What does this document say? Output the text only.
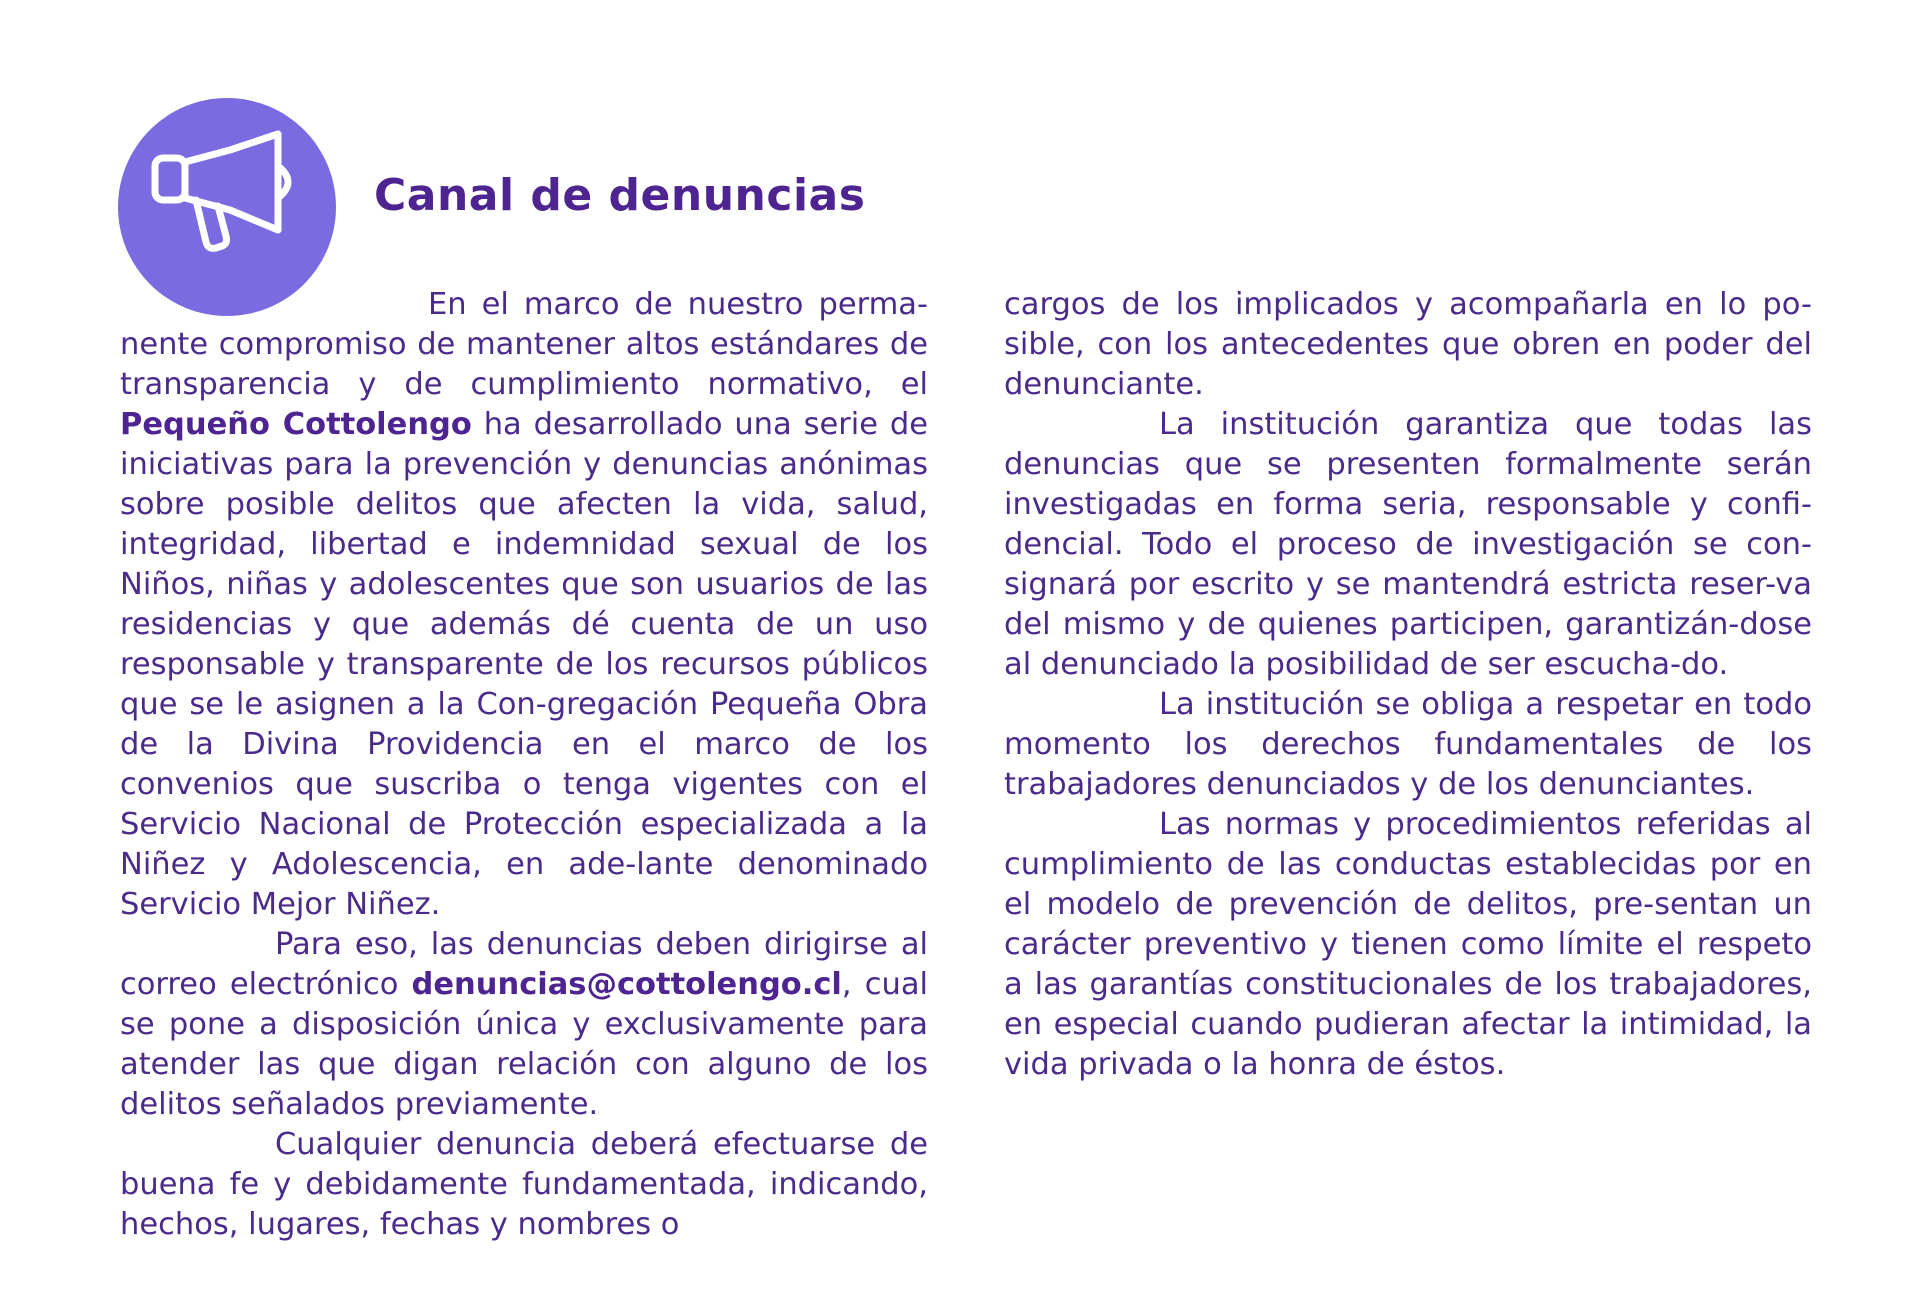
Canal de denuncias

En el marco de nuestro perma-nente compromiso de mantener altos estándares de transparencia y de cumplimiento normativo, el Pequeño Cottolengo ha desarrollado una serie de iniciativas para la prevención y denuncias anónimas sobre posible delitos que afecten la vida, salud, integridad, libertad e indemnidad sexual de los Niños, niñas y adolescentes que son usuarios de las residencias y que además dé cuenta de un uso responsable y transparente de los recursos públicos que se le asignen a la Con-gregación Pequeña Obra de la Divina Providencia en el marco de los convenios que suscriba o tenga vigentes con el Servicio Nacional de Protección especializada a la Niñez y Adolescencia, en ade-lante denominado Servicio Mejor Niñez.

Para eso, las denuncias deben dirigirse al correo electrónico denuncias@cottolengo.cl, cual se pone a disposición única y exclusivamente para atender las que digan relación con alguno de los delitos señalados previamente.

Cualquier denuncia deberá efectuarse de buena fe y debidamente fundamentada, indicando, hechos, lugares, fechas y nombres o

cargos de los implicados y acompañarla en lo po-sible, con los antecedentes que obren en poder del denunciante.

La institución garantiza que todas las denuncias que se presenten formalmente serán investigadas en forma seria, responsable y confi-dencial. Todo el proceso de investigación se con-signará por escrito y se mantendrá estricta reser-va del mismo y de quienes participen, garantizán-dose al denunciado la posibilidad de ser escucha-do.

La institución se obliga a respetar en todo momento los derechos fundamentales de los trabajadores denunciados y de los denunciantes.

Las normas y procedimientos referidas al cumplimiento de las conductas establecidas por en el modelo de prevención de delitos, pre-sentan un carácter preventivo y tienen como límite el respeto a las garantías constitucionales de los trabajadores, en especial cuando pudieran afectar la intimidad, la vida privada o la honra de éstos.
